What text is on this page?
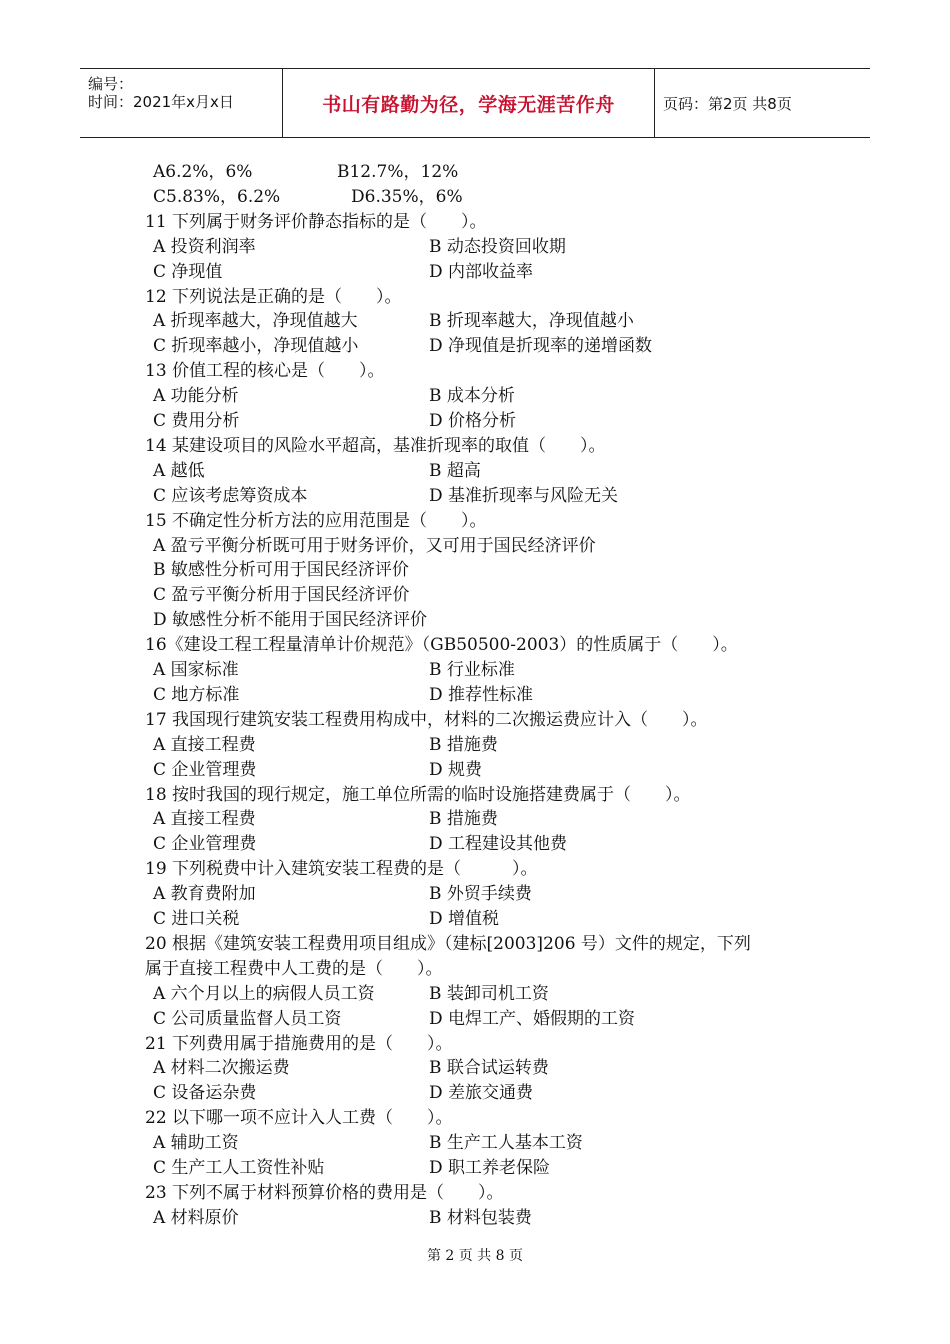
编号：
时间：2021年x月x日	书山有路勤为径，学海无涯苦作舟	页码：第2页 共8页
A6.2%，6%	B12.7%，12%
C5.83%，6.2%	D6.35%，6%
11 下列属于财务评价静态指标的是（　　）。
A 投资利润率	B 动态投资回收期
C 净现值	D 内部收益率
12 下列说法是正确的是（　　）。
A 折现率越大，净现值越大	B 折现率越大，净现值越小
C 折现率越小，净现值越小	D 净现值是折现率的递增函数
13 价值工程的核心是（　　）。
A 功能分析	B 成本分析
C 费用分析	D 价格分析
14 某建设项目的风险水平超高，基准折现率的取值（　　）。
A 越低	B 超高
C 应该考虑筹资成本	D 基准折现率与风险无关
15 不确定性分析方法的应用范围是（　　）。
A 盈亏平衡分析既可用于财务评价，又可用于国民经济评价
B 敏感性分析可用于国民经济评价
C 盈亏平衡分析用于国民经济评价
D 敏感性分析不能用于国民经济评价
16《建设工程工程量清单计价规范》（GB50500-2003）的性质属于（　　）。
A 国家标准	B 行业标准
C 地方标准	D 推荐性标准
17 我国现行建筑安装工程费用构成中，材料的二次搬运费应计入（　　）。
A 直接工程费	B 措施费
C 企业管理费	D 规费
18 按时我国的现行规定，施工单位所需的临时设施搭建费属于（　　）。
A 直接工程费	B 措施费
C 企业管理费	D 工程建设其他费
19 下列税费中计入建筑安装工程费的是（　　　）。
A 教育费附加	B 外贸手续费
C 进口关税	D 增值税
20 根据《建筑安装工程费用项目组成》（建标[2003]206 号）文件的规定，下列
属于直接工程费中人工费的是（　　）。
A 六个月以上的病假人员工资	B 装卸司机工资
C 公司质量监督人员工资	D 电焊工产、婚假期的工资
21 下列费用属于措施费用的是（　　）。
A 材料二次搬运费	B 联合试运转费
C 设备运杂费	D 差旅交通费
22 以下哪一项不应计入人工费（　　）。
A 辅助工资	B 生产工人基本工资
C 生产工人工资性补贴	D 职工养老保险
23 下列不属于材料预算价格的费用是（　　）。
A 材料原价	B 材料包装费
第 2 页 共 8 页
